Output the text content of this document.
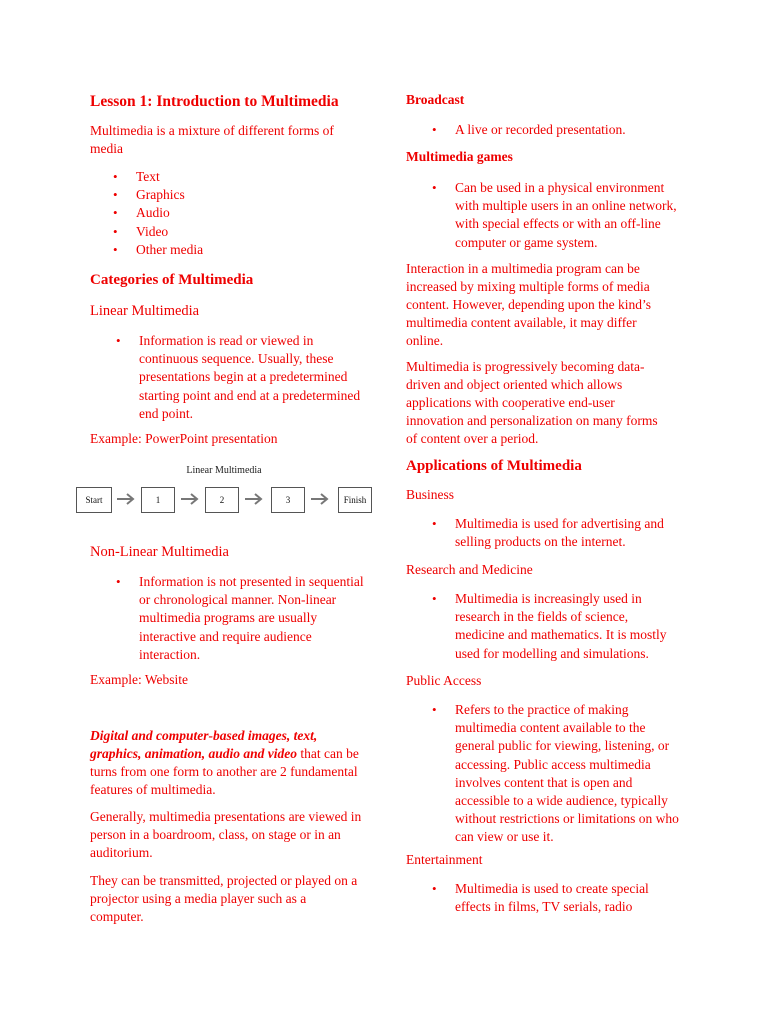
Lesson 1: Introduction to Multimedia

Multimedia is a mixture of different forms of media

• Text
• Graphics
• Audio
• Video
• Other media
Categories of Multimedia

Linear Multimedia

• Information is read or viewed in continuous sequence. Usually, these presentations begin at a predetermined starting point and end at a predetermined end point.

Example: PowerPoint presentation

Linear Multimedia
Start	1	2	3	Finish

Non-Linear Multimedia

• Information is not presented in sequential or chronological manner. Non-linear multimedia programs are usually interactive and require audience interaction.

Example: Website

Digital and computer-based images, text, graphics, animation, audio and video that can be turns from one form to another are 2 fundamental features of multimedia.

Generally, multimedia presentations are viewed in person in a boardroom, class, on stage or in an auditorium.

They can be transmitted, projected or played on a projector using a media player such as a computer.

Broadcast
• A live or recorded presentation.
Multimedia games
• Can be used in a physical environment with multiple users in an online network, with special effects or with an off-line computer or game system.

Interaction in a multimedia program can be increased by mixing multiple forms of media content. However, depending upon the kind’s multimedia content available, it may differ online.

Multimedia is progressively becoming data-driven and object oriented which allows applications with cooperative end-user innovation and personalization on many forms of content over a period.

Applications of Multimedia

Business

• Multimedia is used for advertising and selling products on the internet.

Research and Medicine

• Multimedia is increasingly used in research in the fields of science, medicine and mathematics. It is mostly used for modelling and simulations.

Public Access

• Refers to the practice of making multimedia content available to the general public for viewing, listening, or accessing. Public access multimedia involves content that is open and accessible to a wide audience, typically without restrictions or limitations on who can view or use it.

Entertainment

• Multimedia is used to create special effects in films, TV serials, radio
